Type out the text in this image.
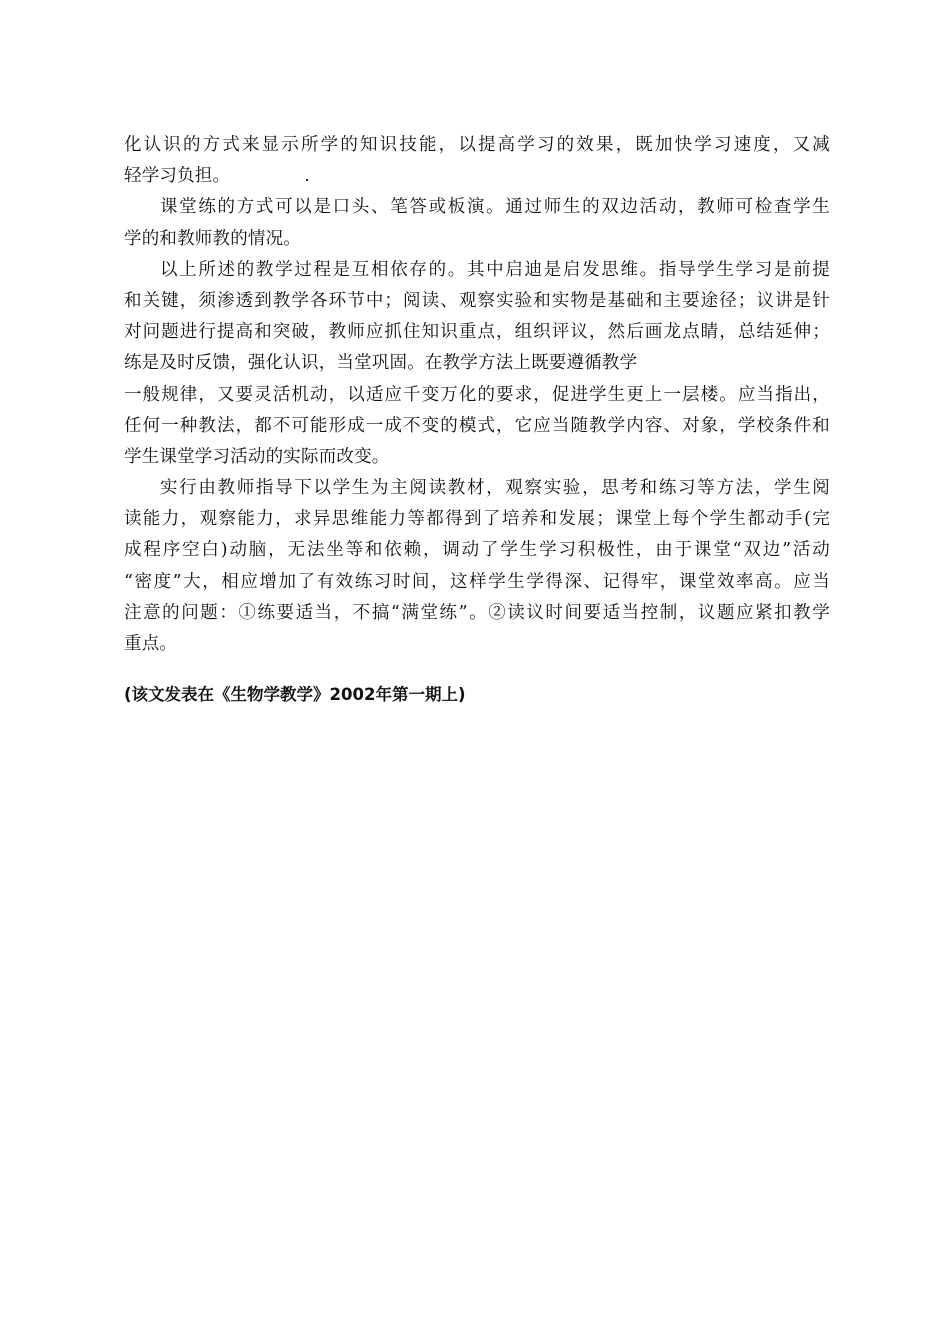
化认识的方式来显示所学的知识技能，以提高学习的效果，既加快学习速度，又减
轻学习负担。	.
课堂练的方式可以是口头、笔答或板演。通过师生的双边活动，教师可检查学生
学的和教师教的情况。
以上所述的教学过程是互相依存的。其中启迪是启发思维。指导学生学习是前提
和关键，须渗透到教学各环节中；阅读、观察实验和实物是基础和主要途径；议讲是针
对问题进行提高和突破，教师应抓住知识重点，组织评议，然后画龙点睛，总结延伸；
练是及时反馈，强化认识，当堂巩固。在教学方法上既要遵循教学
一般规律，又要灵活机动，以适应千变万化的要求，促进学生更上一层楼。应当指出，
任何一种教法，都不可能形成一成不变的模式，它应当随教学内容、对象，学校条件和
学生课堂学习活动的实际而改变。
实行由教师指导下以学生为主阅读教材，观察实验，思考和练习等方法，学生阅
读能力，观察能力，求异思维能力等都得到了培养和发展；课堂上每个学生都动手(完
成程序空白)动脑，无法坐等和依赖，调动了学生学习积极性，由于课堂“双边”活动
“密度”大，相应增加了有效练习时间，这样学生学得深、记得牢，课堂效率高。应当
注意的问题：①练要适当，不搞“满堂练”。②读议时间要适当控制，议题应紧扣教学
重点。
(该文发表在《生物学教学》2002年第一期上)
